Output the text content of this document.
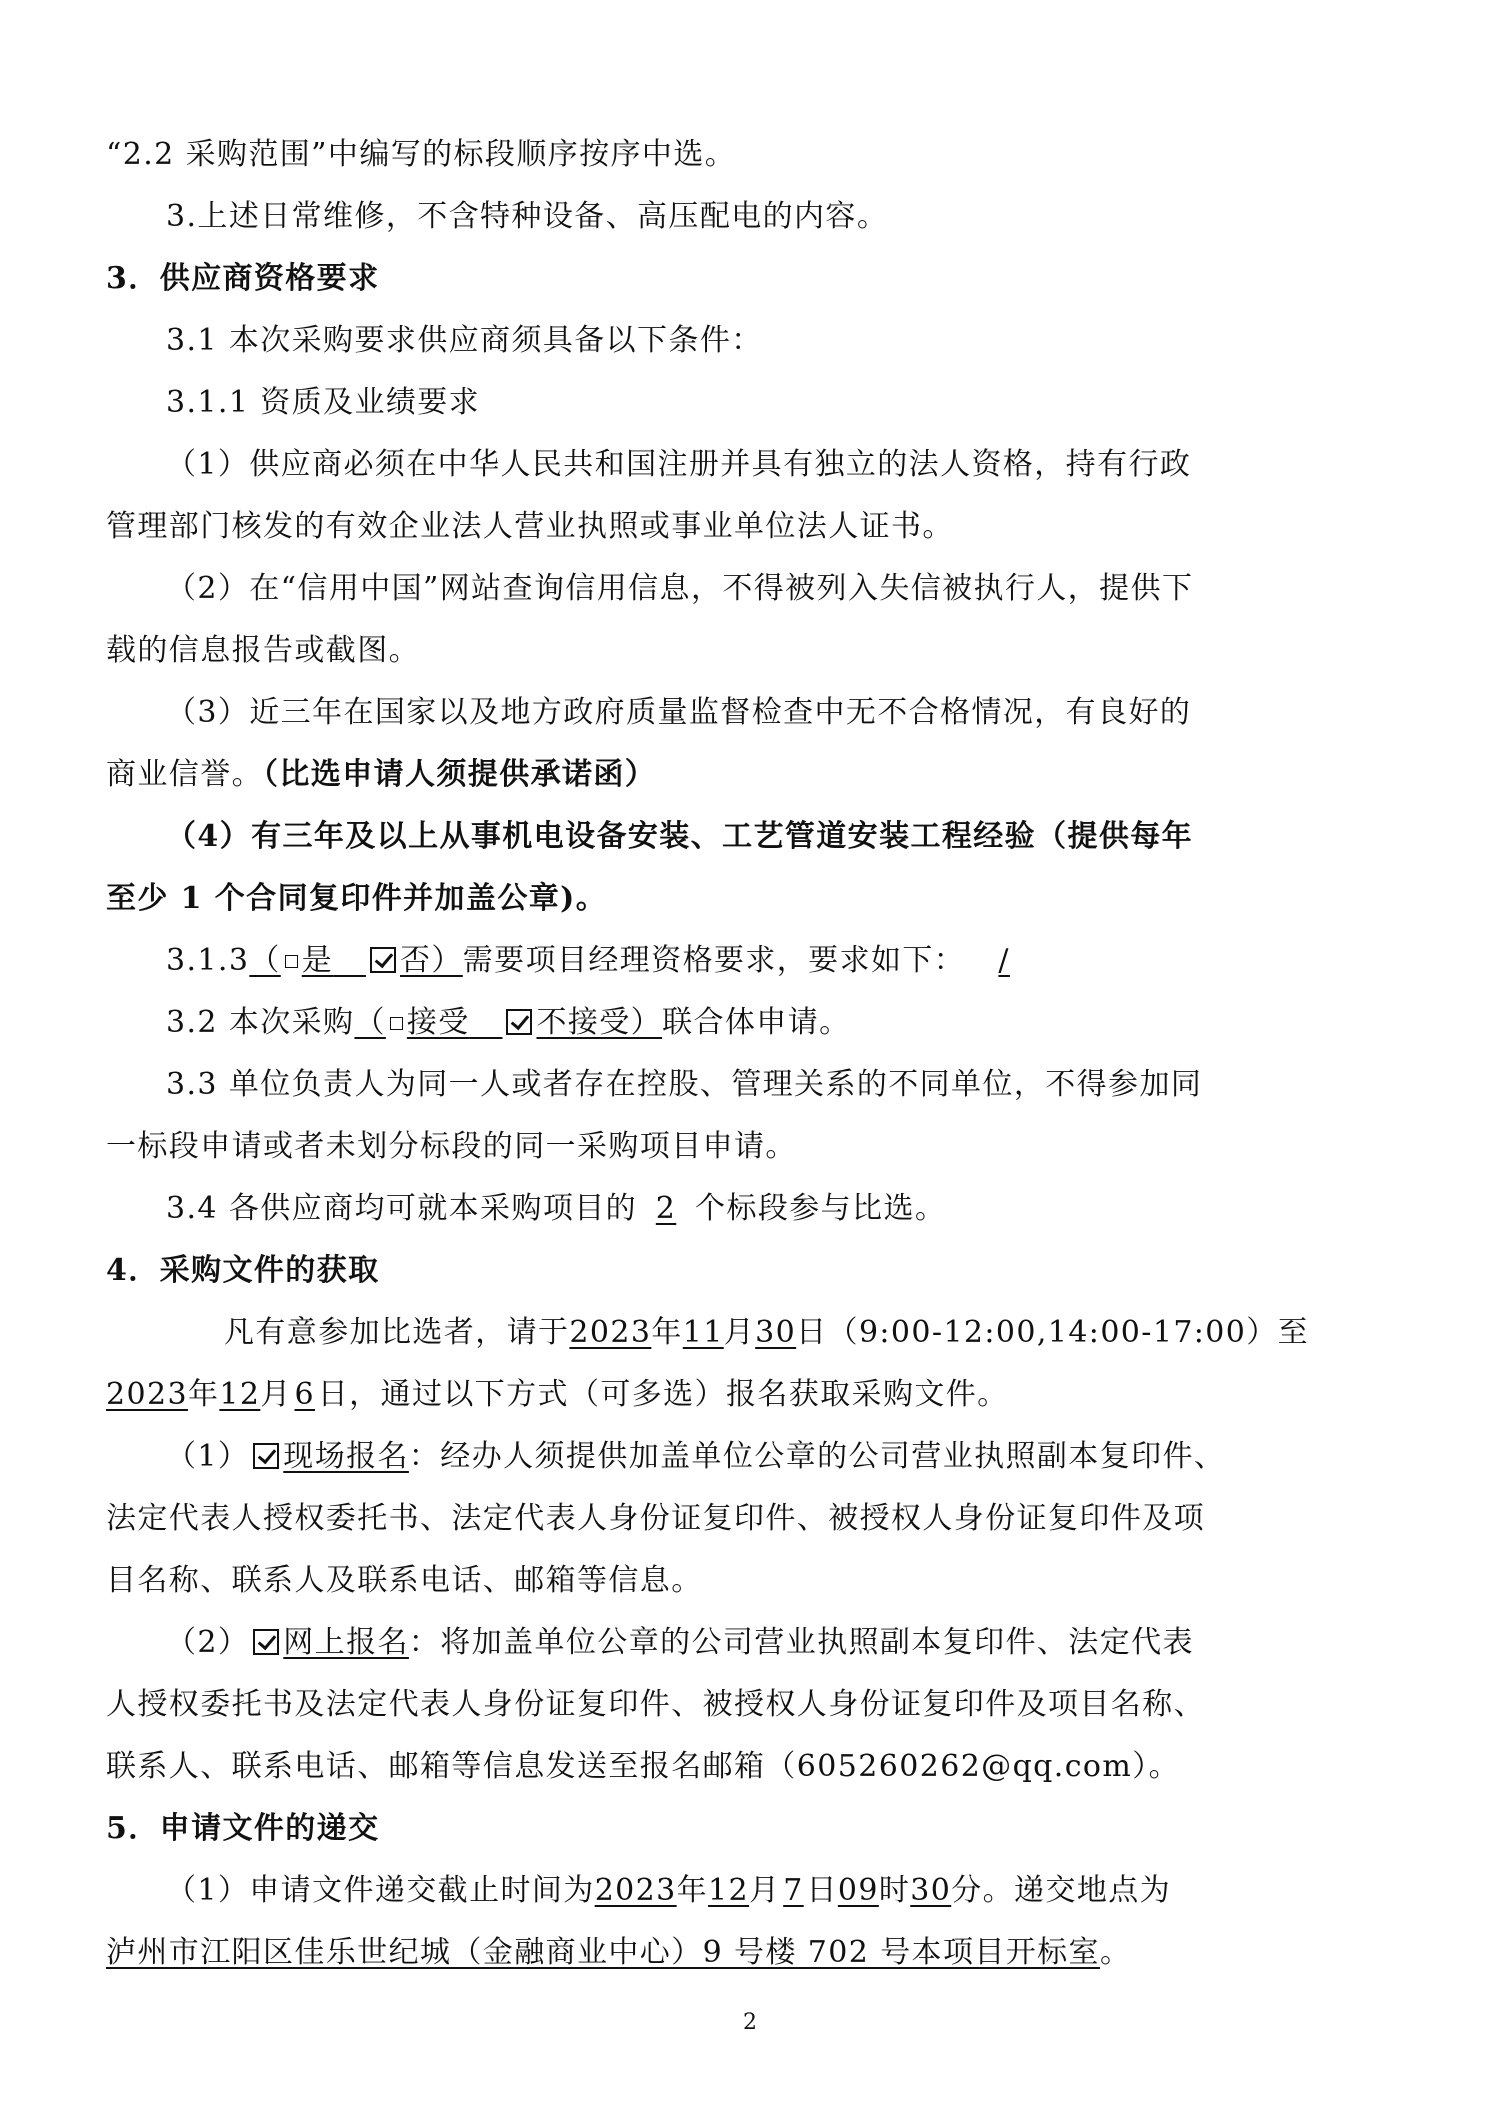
“2.2 采购范围”中编写的标段顺序按序中选。
3.上述日常维修，不含特种设备、高压配电的内容。
3．供应商资格要求
3.1 本次采购要求供应商须具备以下条件：
3.1.1 资质及业绩要求
（1）供应商必须在中华人民共和国注册并具有独立的法人资格，持有行政
管理部门核发的有效企业法人营业执照或事业单位法人证书。
（2）在“信用中国”网站查询信用信息，不得被列入失信被执行人，提供下
载的信息报告或截图。
（3）近三年在国家以及地方政府质量监督检查中无不合格情况，有良好的
商业信誉。（比选申请人须提供承诺函）
（4）有三年及以上从事机电设备安装、工艺管道安装工程经验（提供每年
至少 1 个合同复印件并加盖公章)。
3.1.3（ 是 否）需要项目经理资格要求，要求如下： /
3.2 本次采购（ 接受 不接受）联合体申请。
3.3 单位负责人为同一人或者存在控股、管理关系的不同单位，不得参加同
一标段申请或者未划分标段的同一采购项目申请。
3.4 各供应商均可就本采购项目的 2 个标段参与比选。
4．采购文件的获取
凡有意参加比选者，请于2023年11月30日（9:00-12:00,14:00-17:00）至
2023年12月6日，通过以下方式（可多选）报名获取采购文件。
（1） 现场报名：经办人须提供加盖单位公章的公司营业执照副本复印件、
法定代表人授权委托书、法定代表人身份证复印件、被授权人身份证复印件及项
目名称、联系人及联系电话、邮箱等信息。
（2） 网上报名：将加盖单位公章的公司营业执照副本复印件、法定代表
人授权委托书及法定代表人身份证复印件、被授权人身份证复印件及项目名称、
联系人、联系电话、邮箱等信息发送至报名邮箱（605260262@qq.com）。
5．申请文件的递交
（1）申请文件递交截止时间为2023年12月7日09时30分。递交地点为
泸州市江阳区佳乐世纪城（金融商业中心）9 号楼 702 号本项目开标室。
2
